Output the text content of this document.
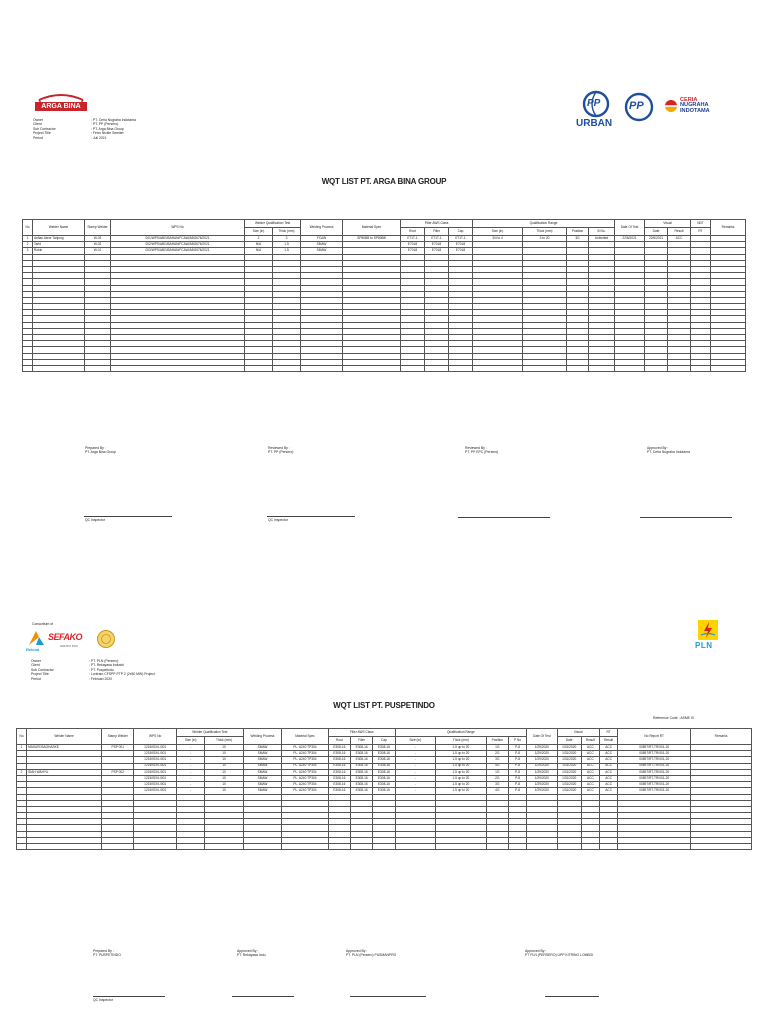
ARGA BINA
Owner	: PT. Ceria Nugraha Indotama
Client	: PT. PP (Persero)
Sub Contractor	: PT. Arga Bina Group
Project Title	: Ferro Nickle Smelter
Period	: Juli 2021
PP
URBAN
PP	CERIA
NUGRAHA
INDOTAMA
WQT LIST PT. ARGA BINA GROUP
No	Welder Name	Stamp Welder	WPS No	Welder Qualification Test		Welding Process	Material Spec	Filler AWS Class			Qualification Range				Date Of Test	Visual		NDT	Remarks
				Size (in)	Thick (mm)			Root	Filler	Cap	Size (in)	Thick (mm)	Position	B No.		Date	Result	RT	
1	Arifian Abror Tanjung	W-03	001/WPS/ABG/BAHAN/FCAW/ABG676/2021	2	3	FCAW	SP80BB to SP80BB	E71T-1	E71T-1	E71T-1	3/4 to 4	3 to 20	3G	Unlimited	22/6/2021	22/6/2021	ACC		
2	Tarid	W-02	002/WPS/ABG/BAHAN/FCAW/ABG676/2021	N/A	1.5	SMAW		E7018	E7018	E7018									
3	Robin	W-01	003/WPS/ABG/BAHAN/FCAW/ABG676/2021	N/A	1.5	SMAW		E7018	E7018	E7018									

Prepared By :
PT. Arga Bina Group
Reviewed By :
PT. PP (Persero)
Reviewed By :
PT. PP EPC (Persero)
Approved By :
PT. Ceria Nugraha Indotama
QC Inspector	QC Inspector
Consortium of
Rekind
SEFAKO
GRUPO PSC	PLN
Owner	: PT. PLN (Persero)
Client	: PT. Rekayasa Industri
Sub Contractor	: PT. Puspetindo
Project Title	: Lontram CFSPP PTP 2 (2x50 MW) Project
Period	: Februari 2020
WQT LIST PT. PUSPETINDO
Reference Code : ASME IX
No	Welder Name	Stamp Welder	WPS No	Welder Qualification Test		Welding Process	Material Spec	Filler AWS Class			Qualification Range				Date Of Test	Visual		RT	No Report RT	Remarks
				Size (in)	Thick (mm)			Root	Filler	Cap	Size (in)	Thick (mm)	Position	P No		Date	Result	Result		
1	MASURI BAGHASKE	PSP 001	1215/ISX/L/001	-	10	SMAW	PL. A240 TP304	E308-16	E308-16	E308-16	-	1.5 up to 20	1G	P-8	1/29/2020	1/31/2020	ACC	ACC	00897/RT-TR/001-20	
			1215/ISX/L/001	-	10	SMAW	PL. A240 TP304	E308-16	E308-16	E308-16	-	1.5 up to 20	2G	P-8	1/29/2020	1/31/2020	ACC	ACC	00897/RT-TR/001-20	
			1215/ISX/L/001	-	10	SMAW	PL. A240 TP304	E308-16	E308-16	E308-16	-	1.5 up to 20	3G	P-8	1/29/2020	1/31/2020	ACC	ACC	00897/RT-TR/001-20	
			1215/ISX/L/001	-	10	SMAW	PL. A240 TP304	E308-16	E308-16	E308-16	-	1.5 up to 20	4G	P-8	1/29/2020	1/31/2020	ACC	ACC	00897/RT-TR/001-20	
2	IDAH WAHYU	PSP 002	1215/ISX/L/001	-	10	SMAW	PL. A240 TP304	E308-16	E308-16	E308-16	-	1.5 up to 20	1G	P-8	1/29/2020	1/31/2020	ACC	ACC	00897/RT-TR/001-20	
			1215/ISX/L/001	-	10	SMAW	PL. A240 TP304	E308-16	E308-16	E308-16	-	1.5 up to 20	2G	P-8	1/29/2020	1/31/2020	ACC	ACC	00897/RT-TR/001-20	
			1215/ISX/L/001	-	10	SMAW	PL. A240 TP304	E308-16	E308-16	E308-16	-	1.5 up to 20	3G	P-8	1/29/2020	1/31/2020	ACC	ACC	00897/RT-TR/001-20	
			1215/ISX/L/001	-	10	SMAW	PL. A240 TP304	E308-16	E308-16	E308-16	-	1.5 up to 20	4G	P-8	1/29/2020	1/31/2020	ACC	ACC	00897/RT-TR/001-20	

Prepared By :
PT. PUSPETINDO
Approved By :
PT. Rekayasa Indu
Approved By :
PT. PLN (Persero) PUSMANPRO
Approved By :
PT PLN (PERSERO) UPP KITRING LOMBOI
QC Inspector
